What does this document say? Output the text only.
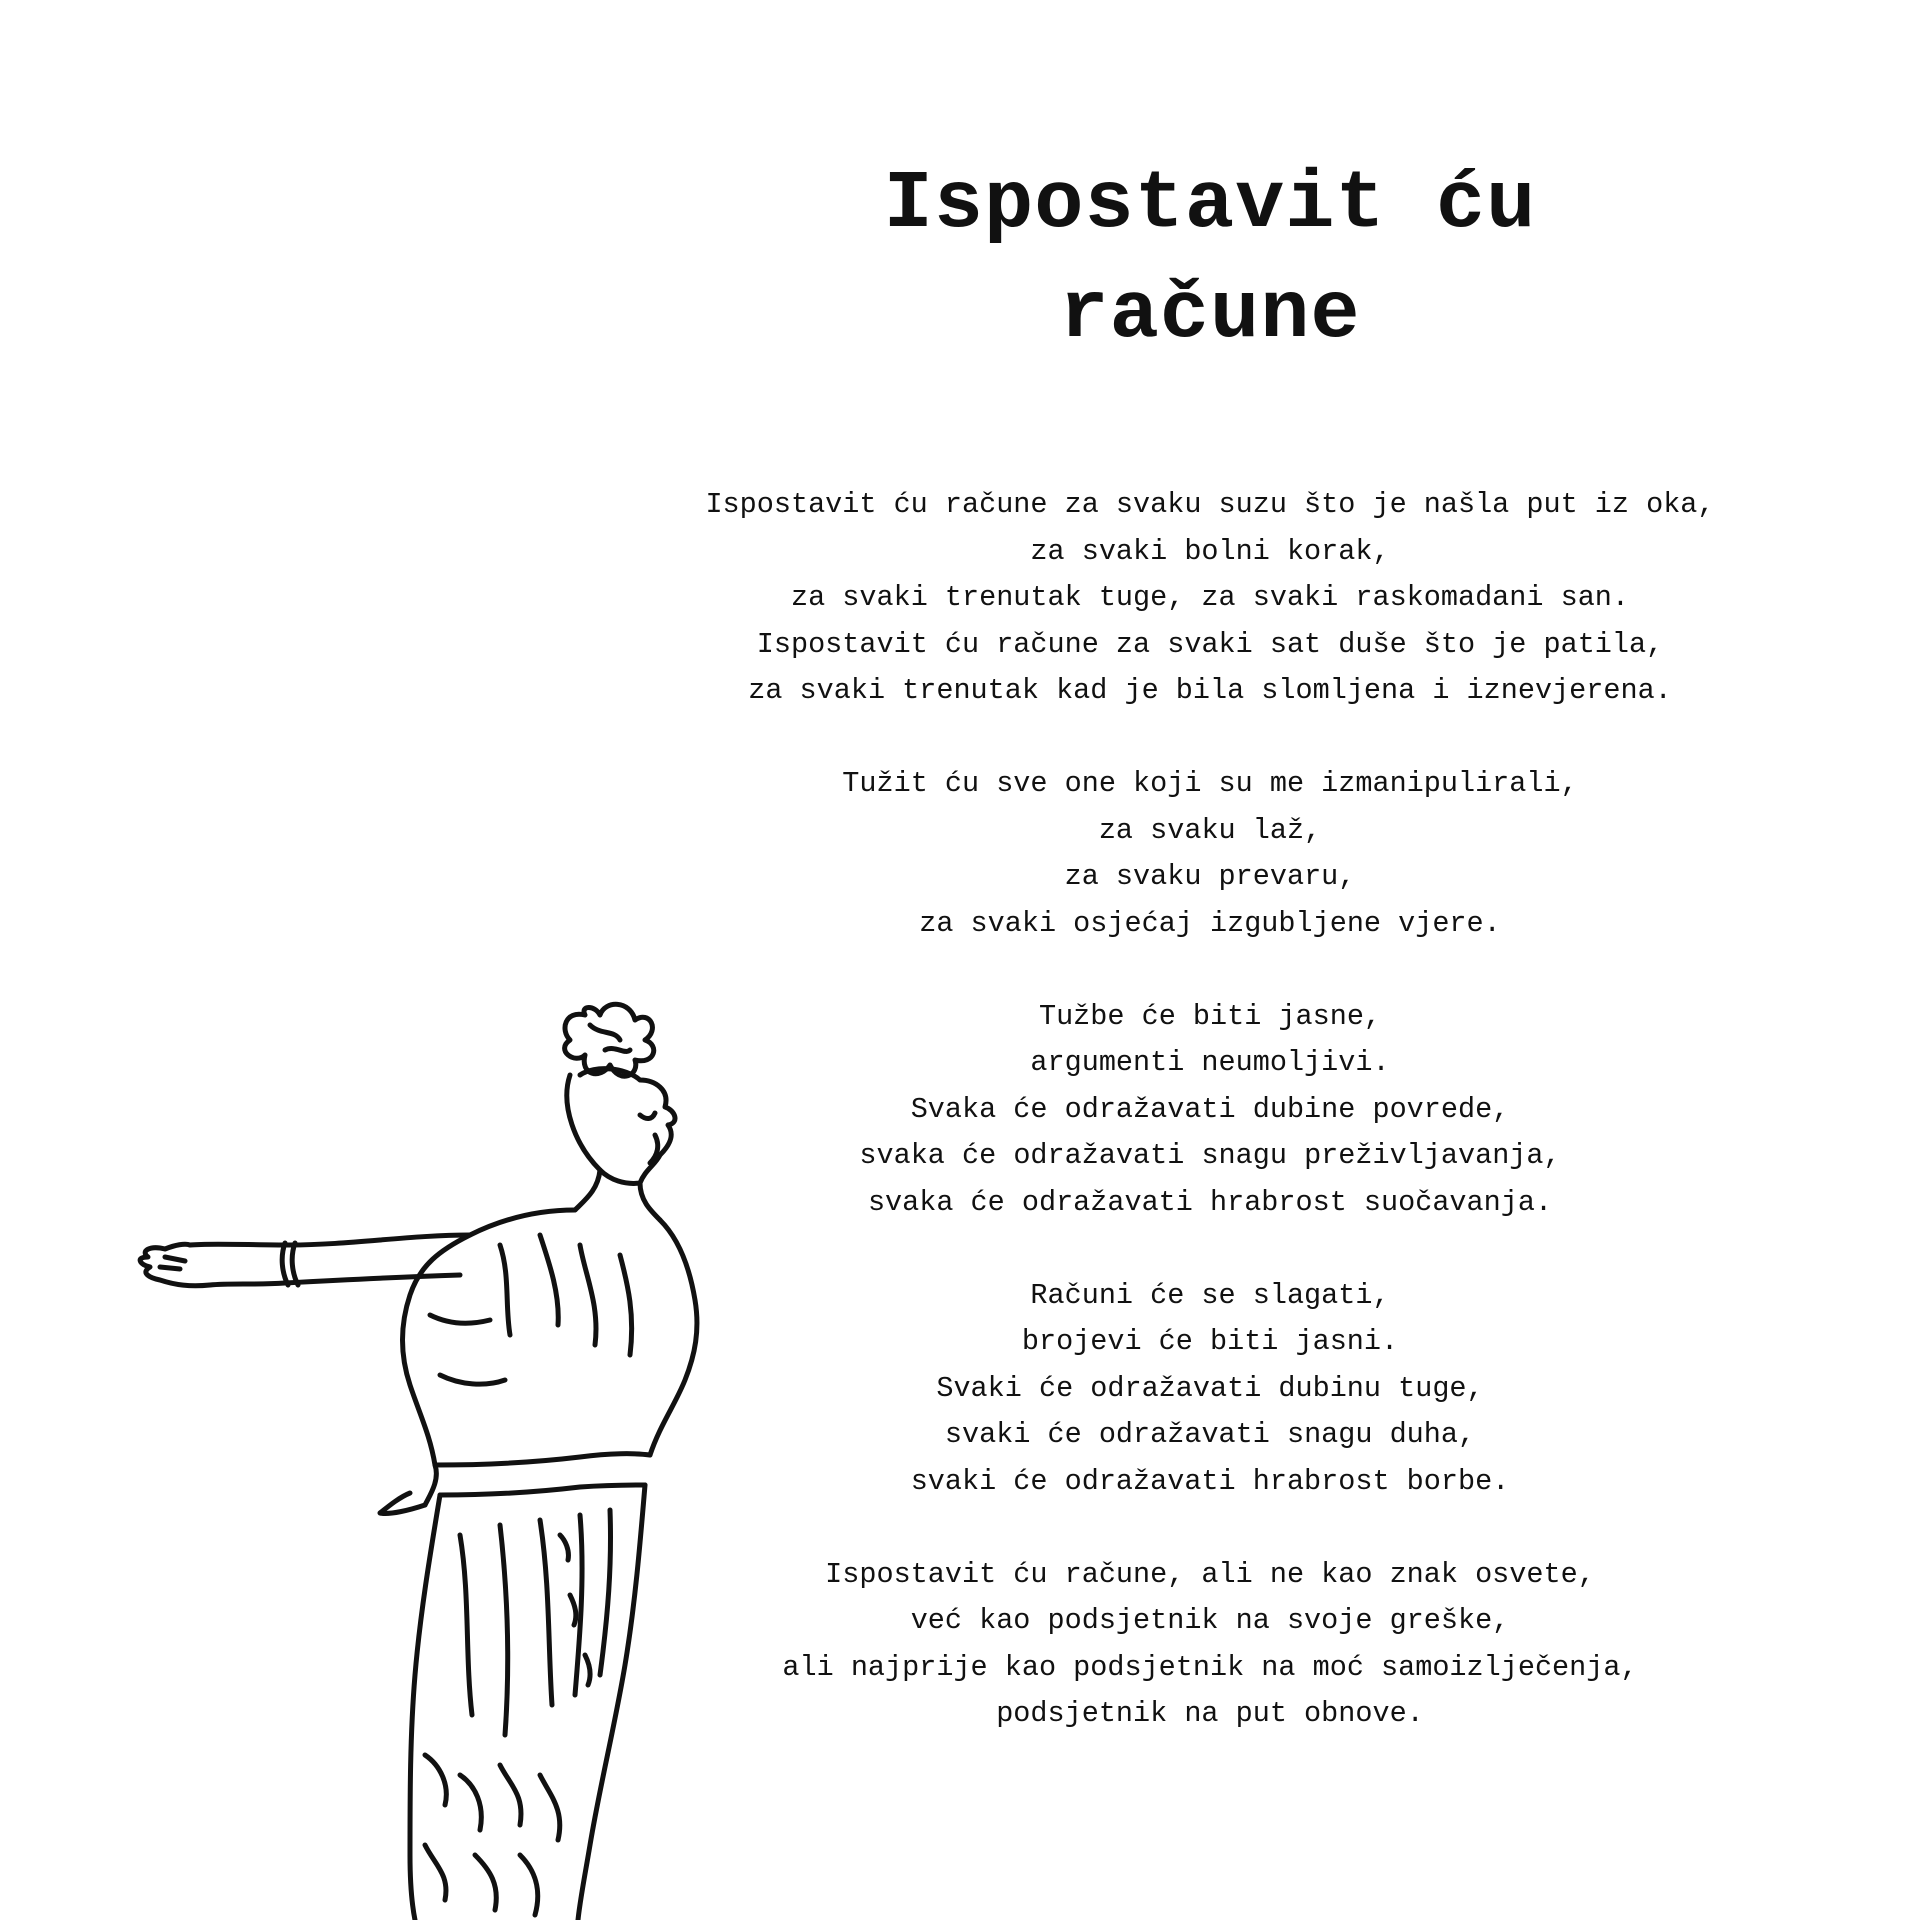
Ispostavit ću
račune

Ispostavit ću račune za svaku suzu što je našla put iz oka,
za svaki bolni korak,
za svaki trenutak tuge, za svaki raskomadani san.
Ispostavit ću račune za svaki sat duše što je patila,
za svaki trenutak kad je bila slomljena i iznevjerena.

Tužit ću sve one koji su me izmanipulirali,
za svaku laž,
za svaku prevaru,
za svaki osjećaj izgubljene vjere.

Tužbe će biti jasne,
argumenti neumoljivi.
Svaka će odražavati dubine povrede,
svaka će odražavati snagu preživljavanja,
svaka će odražavati hrabrost suočavanja.

Računi će se slagati,
brojevi će biti jasni.
Svaki će odražavati dubinu tuge,
svaki će odražavati snagu duha,
svaki će odražavati hrabrost borbe.

Ispostavit ću račune, ali ne kao znak osvete,
već kao podsjetnik na svoje greške,
ali najprije kao podsjetnik na moć samoizlječenja,
podsjetnik na put obnove.
